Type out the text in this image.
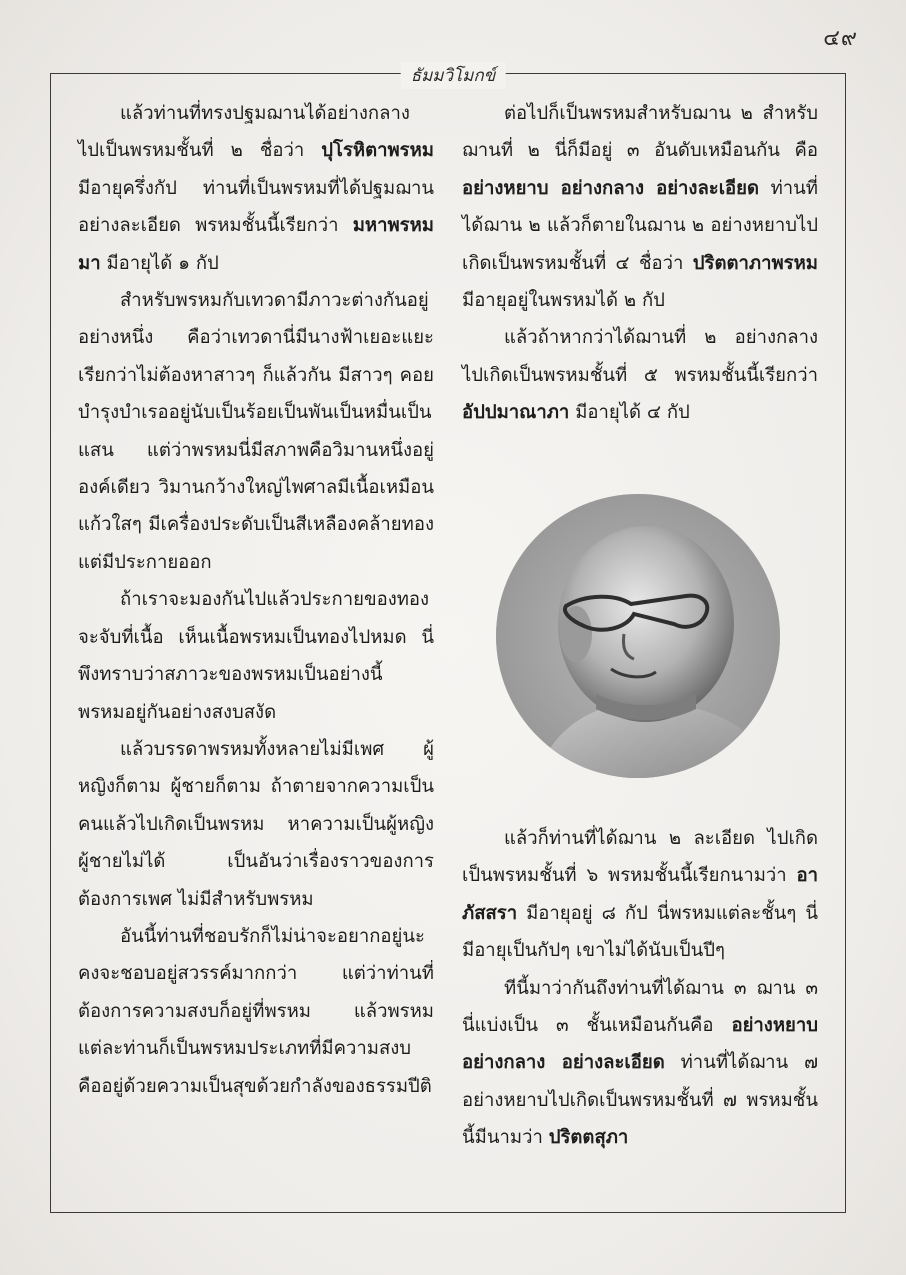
๔๙
ธัมมวิโมกข์

แล้วท่านที่ทรงปฐมฌานได้อย่างกลาง ไปเป็นพรหมชั้นที่ ๒ ชื่อว่า ปุโรหิตาพรหม มีอายุครึ่งกัป ท่านที่เป็นพรหมที่ได้ปฐมฌานอย่างละเอียด พรหมชั้นนี้เรียกว่า มหาพรหมมา มีอายุได้ ๑ กัป

สำหรับพรหมกับเทวดามีภาวะต่างกันอยู่อย่างหนึ่ง คือว่าเทวดานี่มีนางฟ้าเยอะแยะ เรียกว่าไม่ต้องหาสาวๆ ก็แล้วกัน มีสาวๆ คอยบำรุงบำเรออยู่นับเป็นร้อยเป็นพันเป็นหมื่นเป็นแสน แต่ว่าพรหมนี่มีสภาพคือวิมานหนึ่งอยู่องค์เดียว วิมานกว้างใหญ่ไพศาลมีเนื้อเหมือนแก้วใสๆ มีเครื่องประดับเป็นสีเหลืองคล้ายทองแต่มีประกายออก

ถ้าเราจะมองกันไปแล้วประกายของทองจะจับที่เนื้อ เห็นเนื้อพรหมเป็นทองไปหมด นี่พึงทราบว่าสภาวะของพรหมเป็นอย่างนี้ พรหมอยู่กันอย่างสงบสงัด

แล้วบรรดาพรหมทั้งหลายไม่มีเพศ ผู้หญิงก็ตาม ผู้ชายก็ตาม ถ้าตายจากความเป็นคนแล้วไปเกิดเป็นพรหม หาความเป็นผู้หญิงผู้ชายไม่ได้ เป็นอันว่าเรื่องราวของการต้องการเพศ ไม่มีสำหรับพรหม

อันนี้ท่านที่ชอบรักก็ไม่น่าจะอยากอยู่นะ คงจะชอบอยู่สวรรค์มากกว่า แต่ว่าท่านที่ต้องการความสงบก็อยู่ที่พรหม แล้วพรหมแต่ละท่านก็เป็นพรหมประเภทที่มีความสงบ คืออยู่ด้วยความเป็นสุขด้วยกำลังของธรรมปีติ

ต่อไปก็เป็นพรหมสำหรับฌาน ๒ สำหรับฌานที่ ๒ นี่ก็มีอยู่ ๓ อันดับเหมือนกัน คือ อย่างหยาบ อย่างกลาง อย่างละเอียด ท่านที่ได้ฌาน ๒ แล้วก็ตายในฌาน ๒ อย่างหยาบไปเกิดเป็นพรหมชั้นที่ ๔ ชื่อว่า ปริตตาภาพรหม มีอายุอยู่ในพรหมได้ ๒ กัป

แล้วถ้าหากว่าได้ฌานที่ ๒ อย่างกลาง ไปเกิดเป็นพรหมชั้นที่ ๕ พรหมชั้นนี้เรียกว่า อัปปมาณาภา มีอายุได้ ๔ กัป

แล้วก็ท่านที่ได้ฌาน ๒ ละเอียด ไปเกิดเป็นพรหมชั้นที่ ๖ พรหมชั้นนี้เรียกนามว่า อาภัสสรา มีอายุอยู่ ๘ กัป นี่พรหมแต่ละชั้นๆ นี่มีอายุเป็นกัปๆ เขาไม่ได้นับเป็นปีๆ

ทีนี้มาว่ากันถึงท่านที่ได้ฌาน ๓ ฌาน ๓ นี่แบ่งเป็น ๓ ชั้นเหมือนกันคือ อย่างหยาบ อย่างกลาง อย่างละเอียด ท่านที่ได้ฌาน ๗ อย่างหยาบไปเกิดเป็นพรหมชั้นที่ ๗ พรหมชั้นนี้มีนามว่า ปริตตสุภา
